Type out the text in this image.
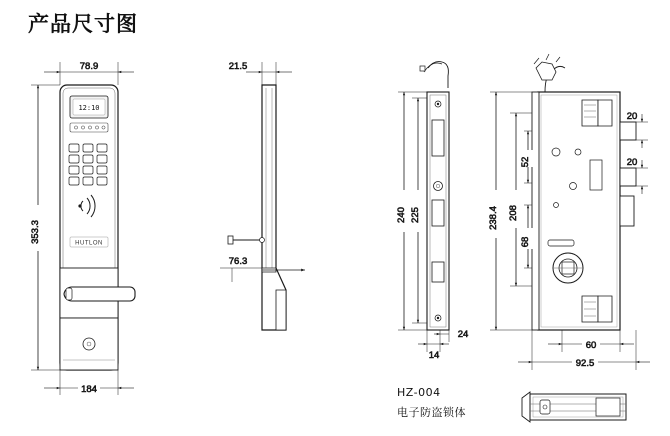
产品尺寸图
12:10
HUTLON
78.9
353.3
184
21.5
76.3
240 225
14
24
238.4 208
52
68
20
20
60
92.5
HZ-004
电子防盗锁体
